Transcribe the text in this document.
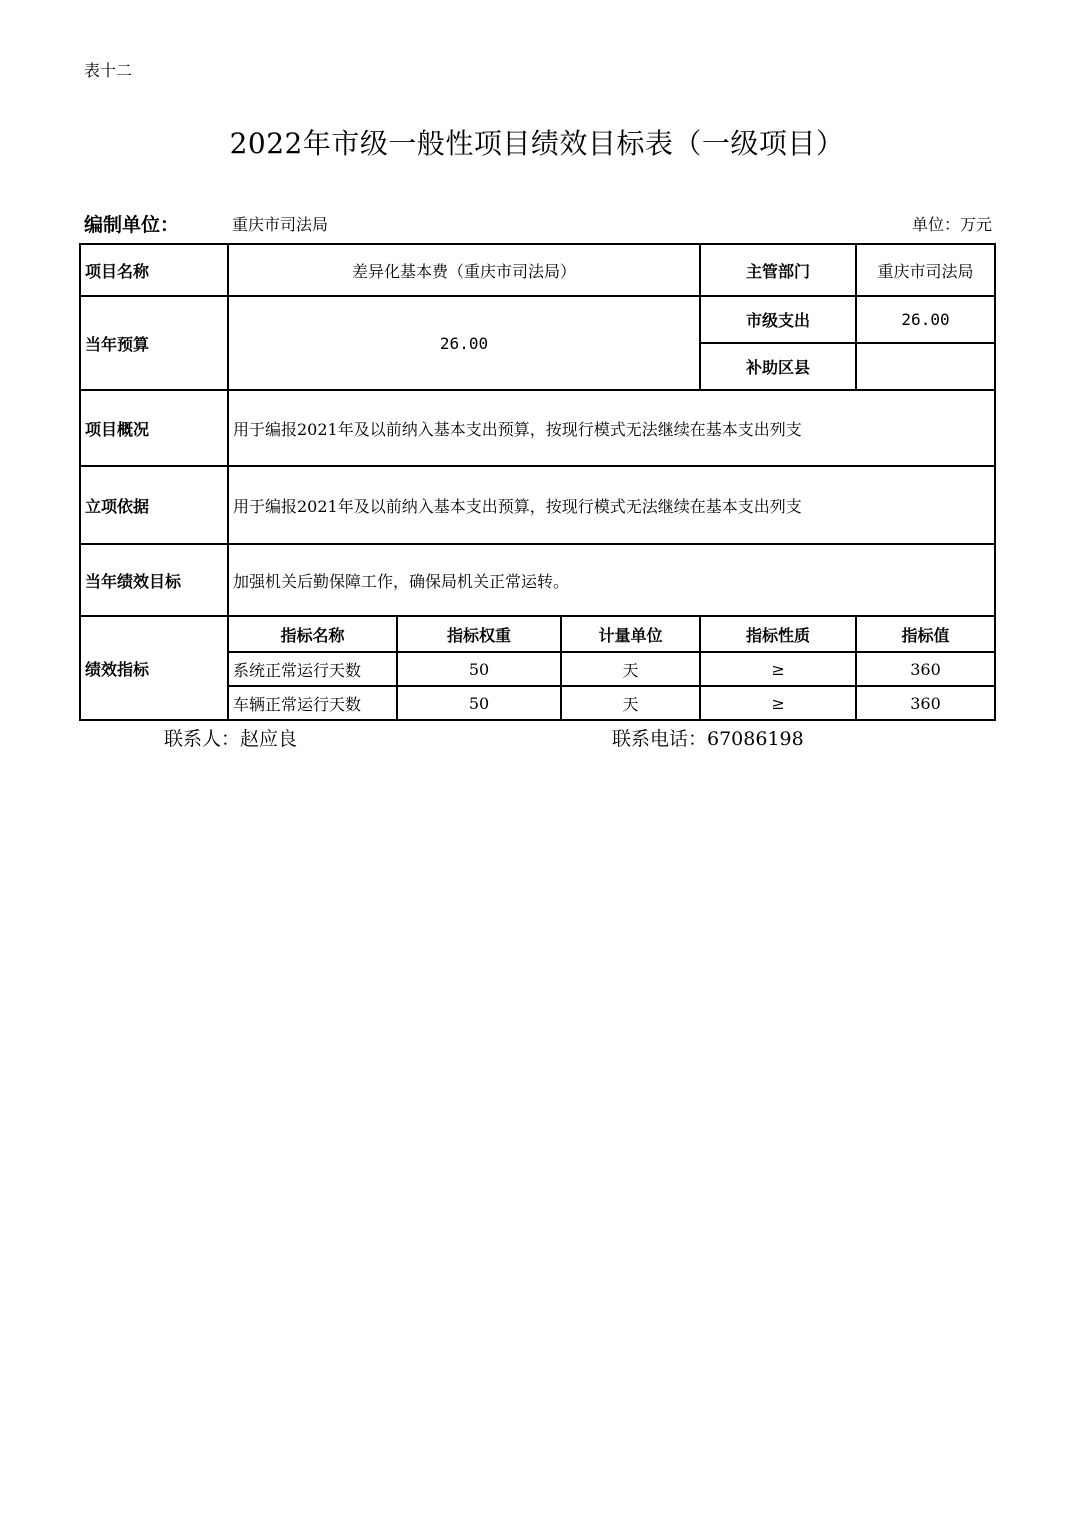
表十二
2022年市级一般性项目绩效目标表（一级项目）
编制单位：	重庆市司法局	单位：万元
项目名称	差异化基本费（重庆市司法局）			主管部门	重庆市司法局
当年预算	26.00			市级支出	26.00
				补助区县	
项目概况	用于编报2021年及以前纳入基本支出预算，按现行模式无法继续在基本支出列支				
立项依据	用于编报2021年及以前纳入基本支出预算，按现行模式无法继续在基本支出列支				
当年绩效目标	加强机关后勤保障工作，确保局机关正常运转。				
绩效指标	指标名称	指标权重	计量单位	指标性质	指标值
	系统正常运行天数	50	天	≥	360
	车辆正常运行天数	50	天	≥	360
联系人：赵应良	联系电话：67086198
